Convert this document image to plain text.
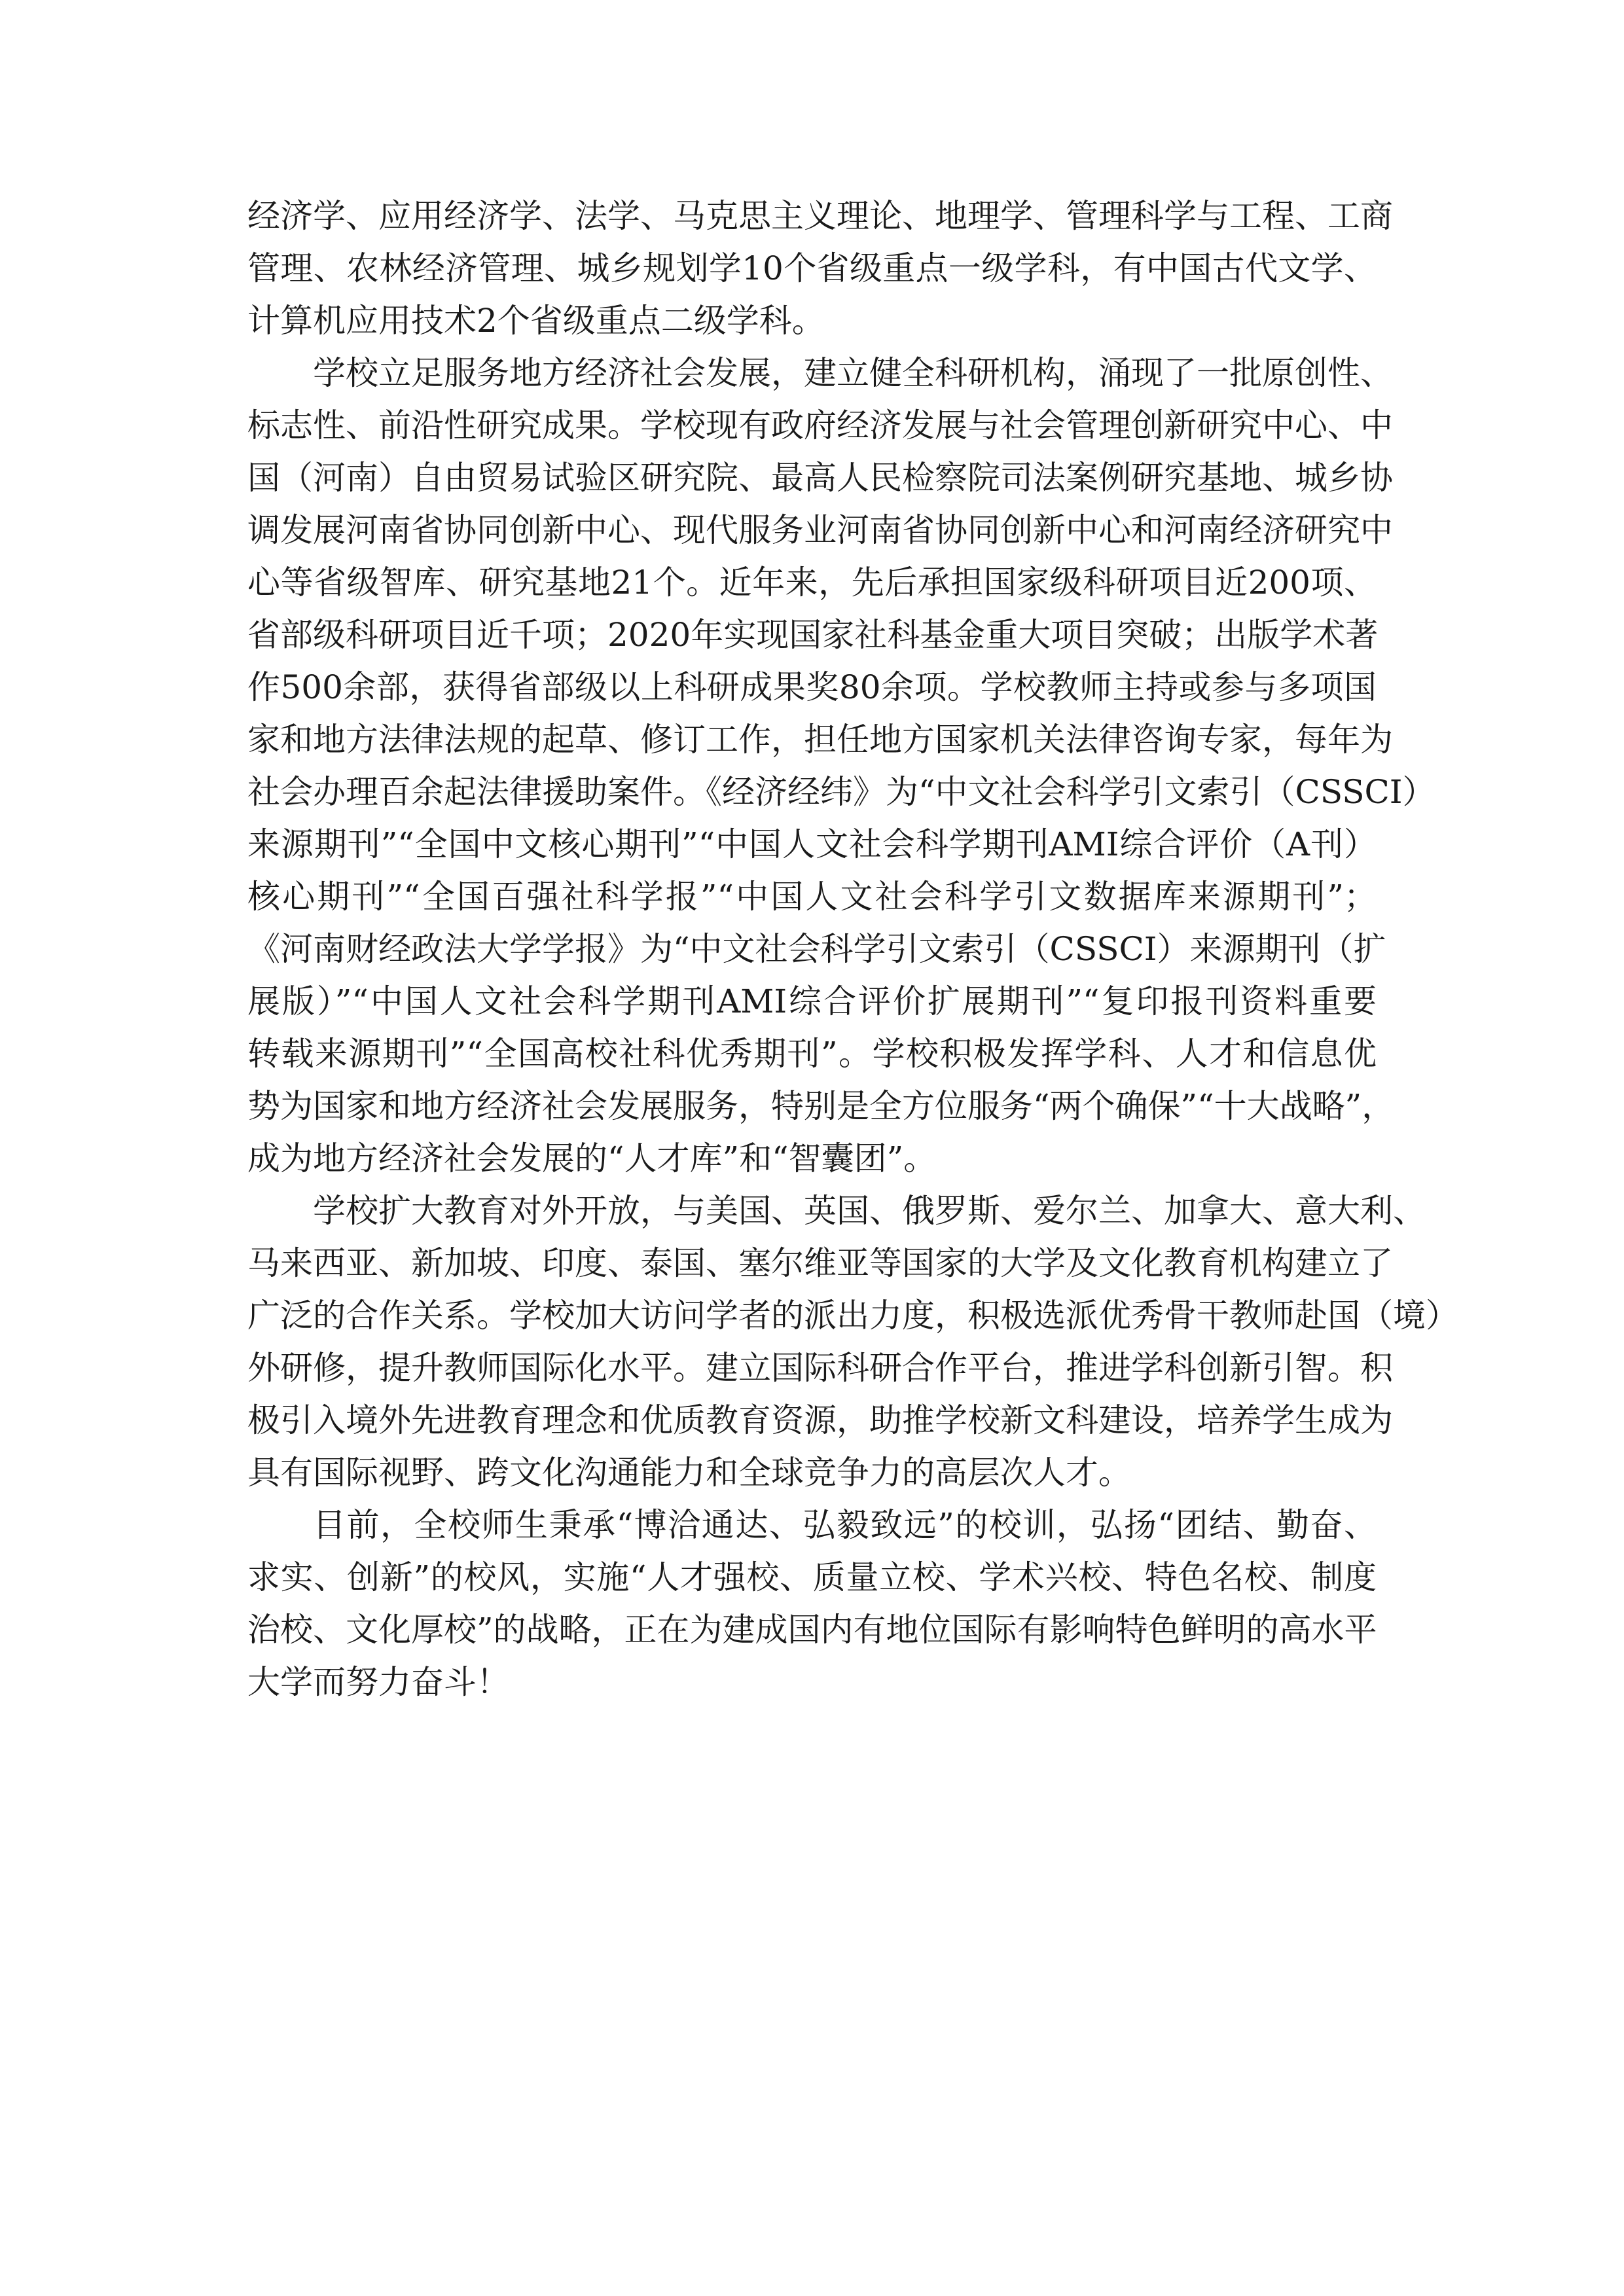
经济学、应用经济学、法学、马克思主义理论、地理学、管理科学与工程、工商
管理、农林经济管理、城乡规划学10个省级重点一级学科，有中国古代文学、
计算机应用技术2个省级重点二级学科。
学校立足服务地方经济社会发展，建立健全科研机构，涌现了一批原创性、
标志性、前沿性研究成果。学校现有政府经济发展与社会管理创新研究中心、中
国（河南）自由贸易试验区研究院、最高人民检察院司法案例研究基地、城乡协
调发展河南省协同创新中心、现代服务业河南省协同创新中心和河南经济研究中
心等省级智库、研究基地21个。近年来，先后承担国家级科研项目近200项、
省部级科研项目近千项；2020年实现国家社科基金重大项目突破；出版学术著
作500余部，获得省部级以上科研成果奖80余项。学校教师主持或参与多项国
家和地方法律法规的起草、修订工作，担任地方国家机关法律咨询专家，每年为
社会办理百余起法律援助案件。《经济经纬》为“中文社会科学引文索引（CSSCI）
来源期刊”“全国中文核心期刊”“中国人文社会科学期刊AMI综合评价（A刊）
核心期刊”“全国百强社科学报”“中国人文社会科学引文数据库来源期刊”；
《河南财经政法大学学报》为“中文社会科学引文索引（CSSCI）来源期刊（扩
展版）”“中国人文社会科学期刊AMI综合评价扩展期刊”“复印报刊资料重要
转载来源期刊”“全国高校社科优秀期刊”。学校积极发挥学科、人才和信息优
势为国家和地方经济社会发展服务，特别是全方位服务“两个确保”“十大战略”，
成为地方经济社会发展的“人才库”和“智囊团”。
学校扩大教育对外开放，与美国、英国、俄罗斯、爱尔兰、加拿大、意大利、
马来西亚、新加坡、印度、泰国、塞尔维亚等国家的大学及文化教育机构建立了
广泛的合作关系。学校加大访问学者的派出力度，积极选派优秀骨干教师赴国（境）
外研修，提升教师国际化水平。建立国际科研合作平台，推进学科创新引智。积
极引入境外先进教育理念和优质教育资源，助推学校新文科建设，培养学生成为
具有国际视野、跨文化沟通能力和全球竞争力的高层次人才。
目前，全校师生秉承“博洽通达、弘毅致远”的校训，弘扬“团结、勤奋、
求实、创新”的校风，实施“人才强校、质量立校、学术兴校、特色名校、制度
治校、文化厚校”的战略，正在为建成国内有地位国际有影响特色鲜明的高水平
大学而努力奋斗！
